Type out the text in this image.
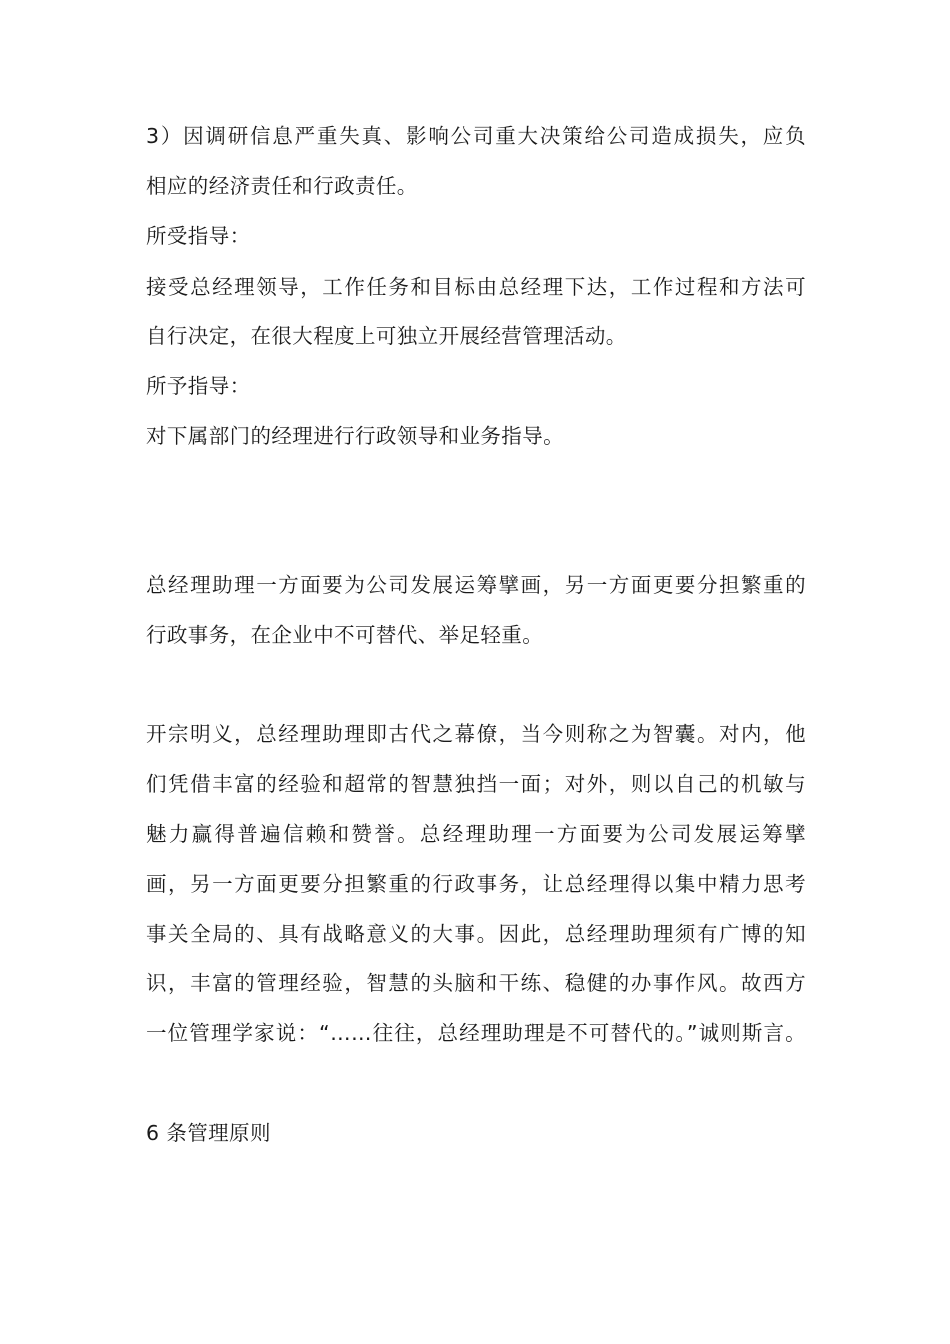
3）因调研信息严重失真、影响公司重大决策给公司造成损失，应负
相应的经济责任和行政责任。
所受指导：
接受总经理领导，工作任务和目标由总经理下达，工作过程和方法可
自行决定，在很大程度上可独立开展经营管理活动。
所予指导：
对下属部门的经理进行行政领导和业务指导。
总经理助理一方面要为公司发展运筹擘画，另一方面更要分担繁重的
行政事务，在企业中不可替代、举足轻重。
开宗明义，总经理助理即古代之幕僚，当今则称之为智囊。对内，他
们凭借丰富的经验和超常的智慧独挡一面；对外，则以自己的机敏与
魅力赢得普遍信赖和赞誉。总经理助理一方面要为公司发展运筹擘
画，另一方面更要分担繁重的行政事务，让总经理得以集中精力思考
事关全局的、具有战略意义的大事。因此，总经理助理须有广博的知
识，丰富的管理经验，智慧的头脑和干练、稳健的办事作风。故西方
一位管理学家说：“……往往，总经理助理是不可替代的。”诚则斯言。
6 条管理原则
